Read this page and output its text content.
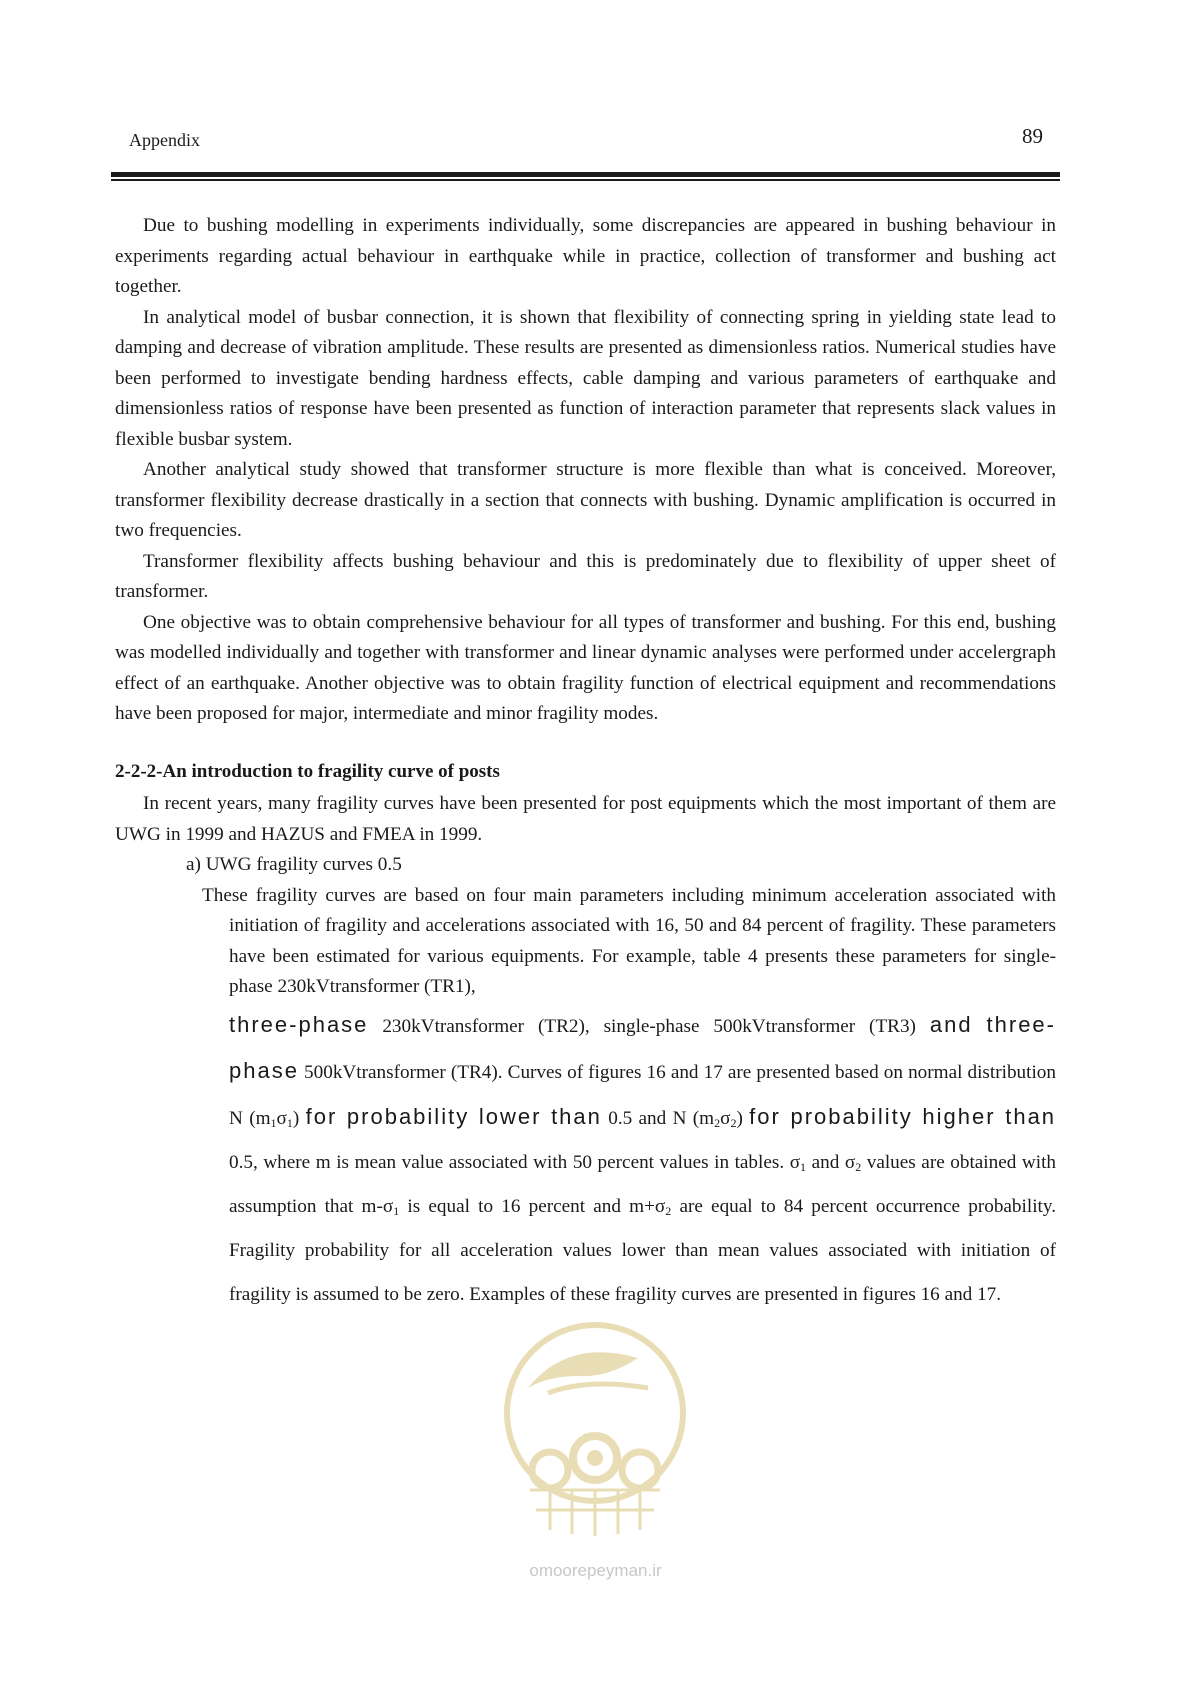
Appendix	89

Due to bushing modelling in experiments individually, some discrepancies are appeared in bushing behaviour in experiments regarding actual behaviour in earthquake while in practice, collection of transformer and bushing act together.

In analytical model of busbar connection, it is shown that flexibility of connecting spring in yielding state lead to damping and decrease of vibration amplitude. These results are presented as dimensionless ratios. Numerical studies have been performed to investigate bending hardness effects, cable damping and various parameters of earthquake and dimensionless ratios of response have been presented as function of interaction parameter that represents slack values in flexible busbar system.

Another analytical study showed that transformer structure is more flexible than what is conceived. Moreover, transformer flexibility decrease drastically in a section that connects with bushing. Dynamic amplification is occurred in two frequencies.

Transformer flexibility affects bushing behaviour and this is predominately due to flexibility of upper sheet of transformer.

One objective was to obtain comprehensive behaviour for all types of transformer and bushing. For this end, bushing was modelled individually and together with transformer and linear dynamic analyses were performed under accelergraph effect of an earthquake. Another objective was to obtain fragility function of electrical equipment and recommendations have been proposed for major, intermediate and minor fragility modes.

2-2-2-An introduction to fragility curve of posts

In recent years, many fragility curves have been presented for post equipments which the most important of them are UWG in 1999 and HAZUS and FMEA in 1999.

a) UWG fragility curves 0.5
These fragility curves are based on four main parameters including minimum acceleration associated with initiation of fragility and accelerations associated with 16, 50 and 84 percent of fragility. These parameters have been estimated for various equipments. For example, table 4 presents these parameters for single-phase 230kVtransformer (TR1),
three-phase 230kVtransformer (TR2), single-phase 500kVtransformer (TR3) and three-phase 500kVtransformer (TR4). Curves of figures 16 and 17 are presented based on normal distribution N $(m_1\sigma_1)$ for probability lower than 0.5 and N $(m_2\sigma_2)$ for probability higher than 0.5, where m is mean value associated with 50 percent values in tables. $\sigma_1$ and $\sigma_2$ values are obtained with assumption that $m-\sigma_1$ is equal to 16 percent and $m+\sigma_2$ are equal to 84 percent occurrence probability. Fragility probability for all acceleration values lower than mean values associated with initiation of fragility is assumed to be zero. Examples of these fragility curves are presented in figures 16 and 17.
omoorepeyman.ir
